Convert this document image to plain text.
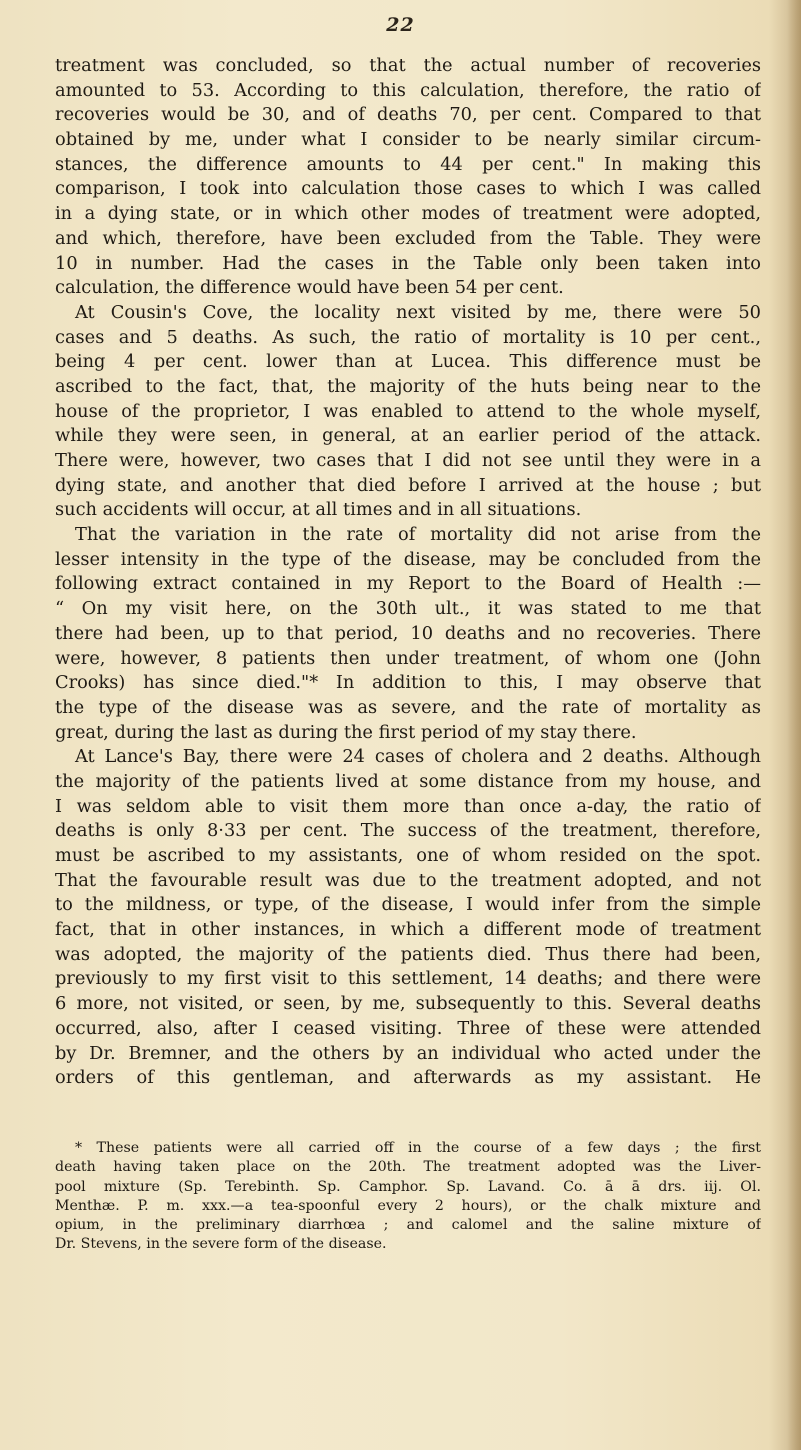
22
treatment was concluded, so that the actual number of recoveries
amounted to 53. According to this calculation, therefore, the ratio of
recoveries would be 30, and of deaths 70, per cent. Compared to that
obtained by me, under what I consider to be nearly similar circum-
stances, the difference amounts to 44 per cent." In making this
comparison, I took into calculation those cases to which I was called
in a dying state, or in which other modes of treatment were adopted,
and which, therefore, have been excluded from the Table. They were
10 in number. Had the cases in the Table only been taken into
calculation, the difference would have been 54 per cent.
At Cousin's Cove, the locality next visited by me, there were 50
cases and 5 deaths. As such, the ratio of mortality is 10 per cent.,
being 4 per cent. lower than at Lucea. This difference must be
ascribed to the fact, that, the majority of the huts being near to the
house of the proprietor, I was enabled to attend to the whole myself,
while they were seen, in general, at an earlier period of the attack.
There were, however, two cases that I did not see until they were in a
dying state, and another that died before I arrived at the house ; but
such accidents will occur, at all times and in all situations.
That the variation in the rate of mortality did not arise from the
lesser intensity in the type of the disease, may be concluded from the
following extract contained in my Report to the Board of Health :—
“ On my visit here, on the 30th ult., it was stated to me that
there had been, up to that period, 10 deaths and no recoveries. There
were, however, 8 patients then under treatment, of whom one (John
Crooks) has since died."* In addition to this, I may observe that
the type of the disease was as severe, and the rate of mortality as
great, during the last as during the first period of my stay there.
At Lance's Bay, there were 24 cases of cholera and 2 deaths. Although
the majority of the patients lived at some distance from my house, and
I was seldom able to visit them more than once a-day, the ratio of
deaths is only 8·33 per cent. The success of the treatment, therefore,
must be ascribed to my assistants, one of whom resided on the spot.
That the favourable result was due to the treatment adopted, and not
to the mildness, or type, of the disease, I would infer from the simple
fact, that in other instances, in which a different mode of treatment
was adopted, the majority of the patients died. Thus there had been,
previously to my first visit to this settlement, 14 deaths; and there were
6 more, not visited, or seen, by me, subsequently to this. Several deaths
occurred, also, after I ceased visiting. Three of these were attended
by Dr. Bremner, and the others by an individual who acted under the
orders of this gentleman, and afterwards as my assistant. He
* These patients were all carried off in the course of a few days ; the first
death having taken place on the 20th. The treatment adopted was the Liver-
pool mixture (Sp. Terebinth. Sp. Camphor. Sp. Lavand. Co. ā ā drs. iij. Ol.
Menthæ. P. m. xxx.—a tea-spoonful every 2 hours), or the chalk mixture and
opium, in the preliminary diarrhœa ; and calomel and the saline mixture of
Dr. Stevens, in the severe form of the disease.
